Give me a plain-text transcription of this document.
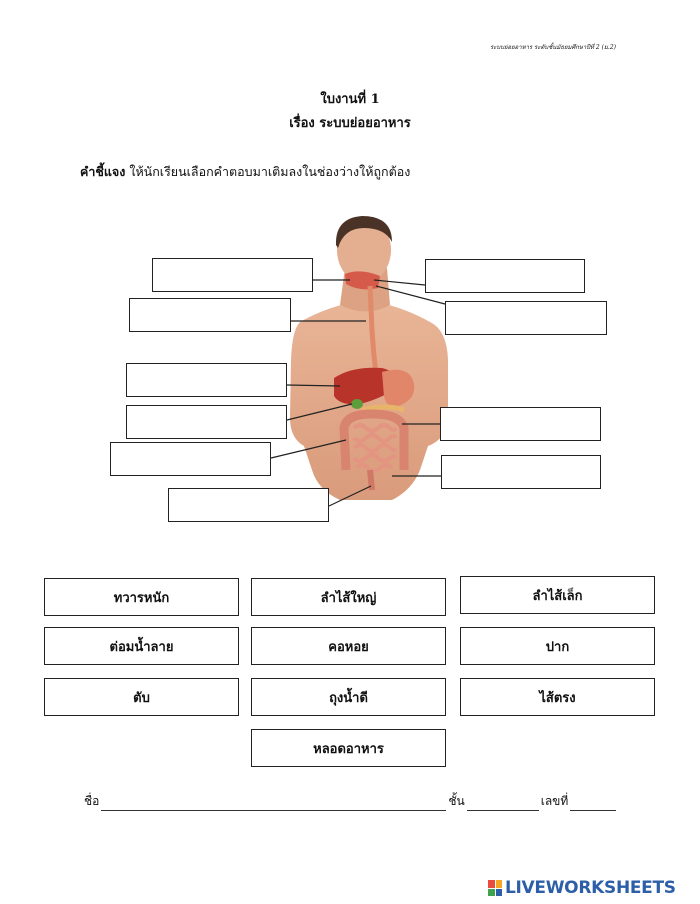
ระบบย่อยอาหาร ระดับชั้นมัธยมศึกษาปีที่ 2 (ม.2)
ใบงานที่ 1
เรื่อง ระบบย่อยอาหาร
คำชี้แจง ให้นักเรียนเลือกคำตอบมาเติมลงในช่องว่างให้ถูกต้อง
ทวารหนัก	ลำไส้ใหญ่	ลำไส้เล็ก
ต่อมน้ำลาย	คอหอย	ปาก
ตับ	ถุงน้ำดี	ไส้ตรง
หลอดอาหาร
ชื่อ	ชั้น	เลขที่
LIVEWORKSHEETS
